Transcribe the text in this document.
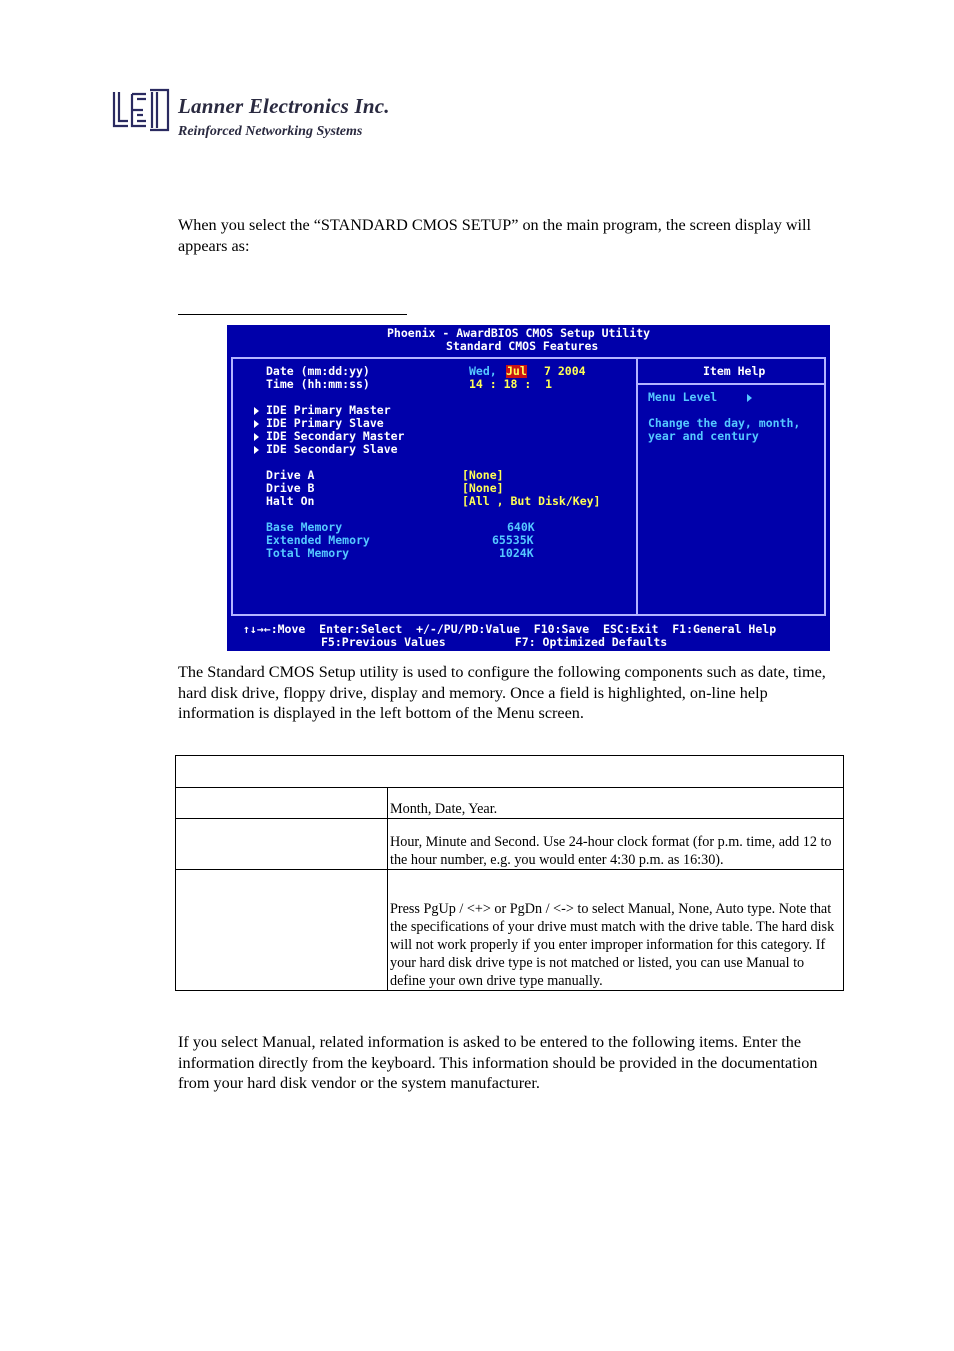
Lanner Electronics Inc.
Reinforced Networking Systems
When you select the “STANDARD CMOS SETUP” on the main program, the screen display will appears as:
Phoenix - AwardBIOS CMOS Setup Utility
Standard CMOS Features
Date (mm:dd:yy)	Wed, Jul 7 2004
Time (hh:mm:ss)	14 : 18 :  1
IDE Primary Master
IDE Primary Slave
IDE Secondary Master
IDE Secondary Slave
Drive A	[None]
Drive B	[None]
Halt On	[All , But Disk/Key]
Base Memory	640K
Extended Memory	65535K
Total Memory	1024K
Item Help
Menu Level
Change the day, month,
year and century
↑↓→←:Move  Enter:Select  +/-/PU/PD:Value  F10:Save  ESC:Exit  F1:General Help
F5:Previous Values          F7: Optimized Defaults
The Standard CMOS Setup utility is used to configure the following components such as date, time, hard disk drive, floppy drive, display and memory. Once a field is highlighted, on-line help information is displayed in the left bottom of the Menu screen.

	Month, Date, Year.
	Hour, Minute and Second. Use 24-hour clock format (for p.m. time, add 12 to the hour number, e.g. you would enter 4:30 p.m. as 16:30).
	Press PgUp / <+> or PgDn / <-> to select Manual, None, Auto type. Note that the specifications of your drive must match with the drive table. The hard disk will not work properly if you enter improper information for this category. If your hard disk drive type is not matched or listed, you can use Manual to define your own drive type manually.
If you select Manual, related information is asked to be entered to the following items. Enter the information directly from the keyboard. This information should be provided in the documentation from your hard disk vendor or the system manufacturer.
